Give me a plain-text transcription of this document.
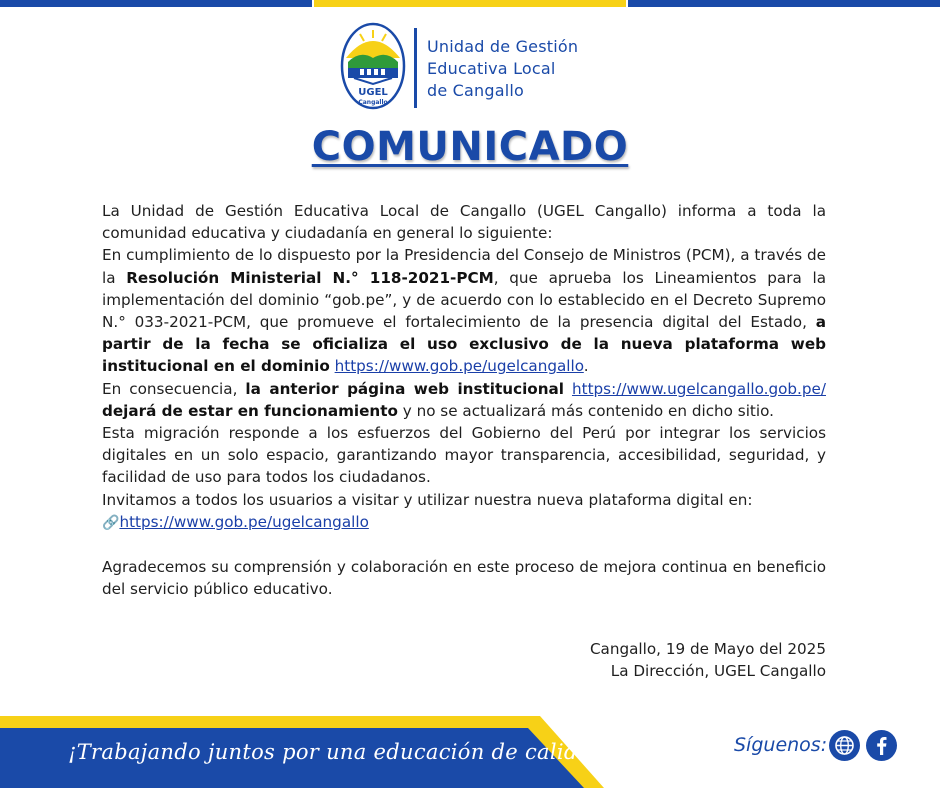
UGEL
Cangallo
Unidad de Gestión
Educativa Local
de Cangallo
COMUNICADO

La Unidad de Gestión Educativa Local de Cangallo (UGEL Cangallo) informa a toda la comunidad educativa y ciudadanía en general lo siguiente:

En cumplimiento de lo dispuesto por la Presidencia del Consejo de Ministros (PCM), a través de la Resolución Ministerial N.° 118-2021-PCM, que aprueba los Lineamientos para la implementación del dominio “gob.pe”, y de acuerdo con lo establecido en el Decreto Supremo N.° 033-2021-PCM, que promueve el fortalecimiento de la presencia digital del Estado, a partir de la fecha se oficializa el uso exclusivo de la nueva plataforma web institucional en el dominio https://www.gob.pe/ugelcangallo.

En consecuencia, la anterior página web institucional https://www.ugelcangallo.gob.pe/ dejará de estar en funcionamiento y no se actualizará más contenido en dicho sitio.

Esta migración responde a los esfuerzos del Gobierno del Perú por integrar los servicios digitales en un solo espacio, garantizando mayor transparencia, accesibilidad, seguridad, y facilidad de uso para todos los ciudadanos.

Invitamos a todos los usuarios a visitar y utilizar nuestra nueva plataforma digital en:

🔗https://www.gob.pe/ugelcangallo

Agradecemos su comprensión y colaboración en este proceso de mejora continua en beneficio del servicio público educativo.

Cangallo, 19 de Mayo del 2025
La Dirección, UGEL Cangallo
¡Trabajando juntos por una educación de calidad!	Síguenos:
